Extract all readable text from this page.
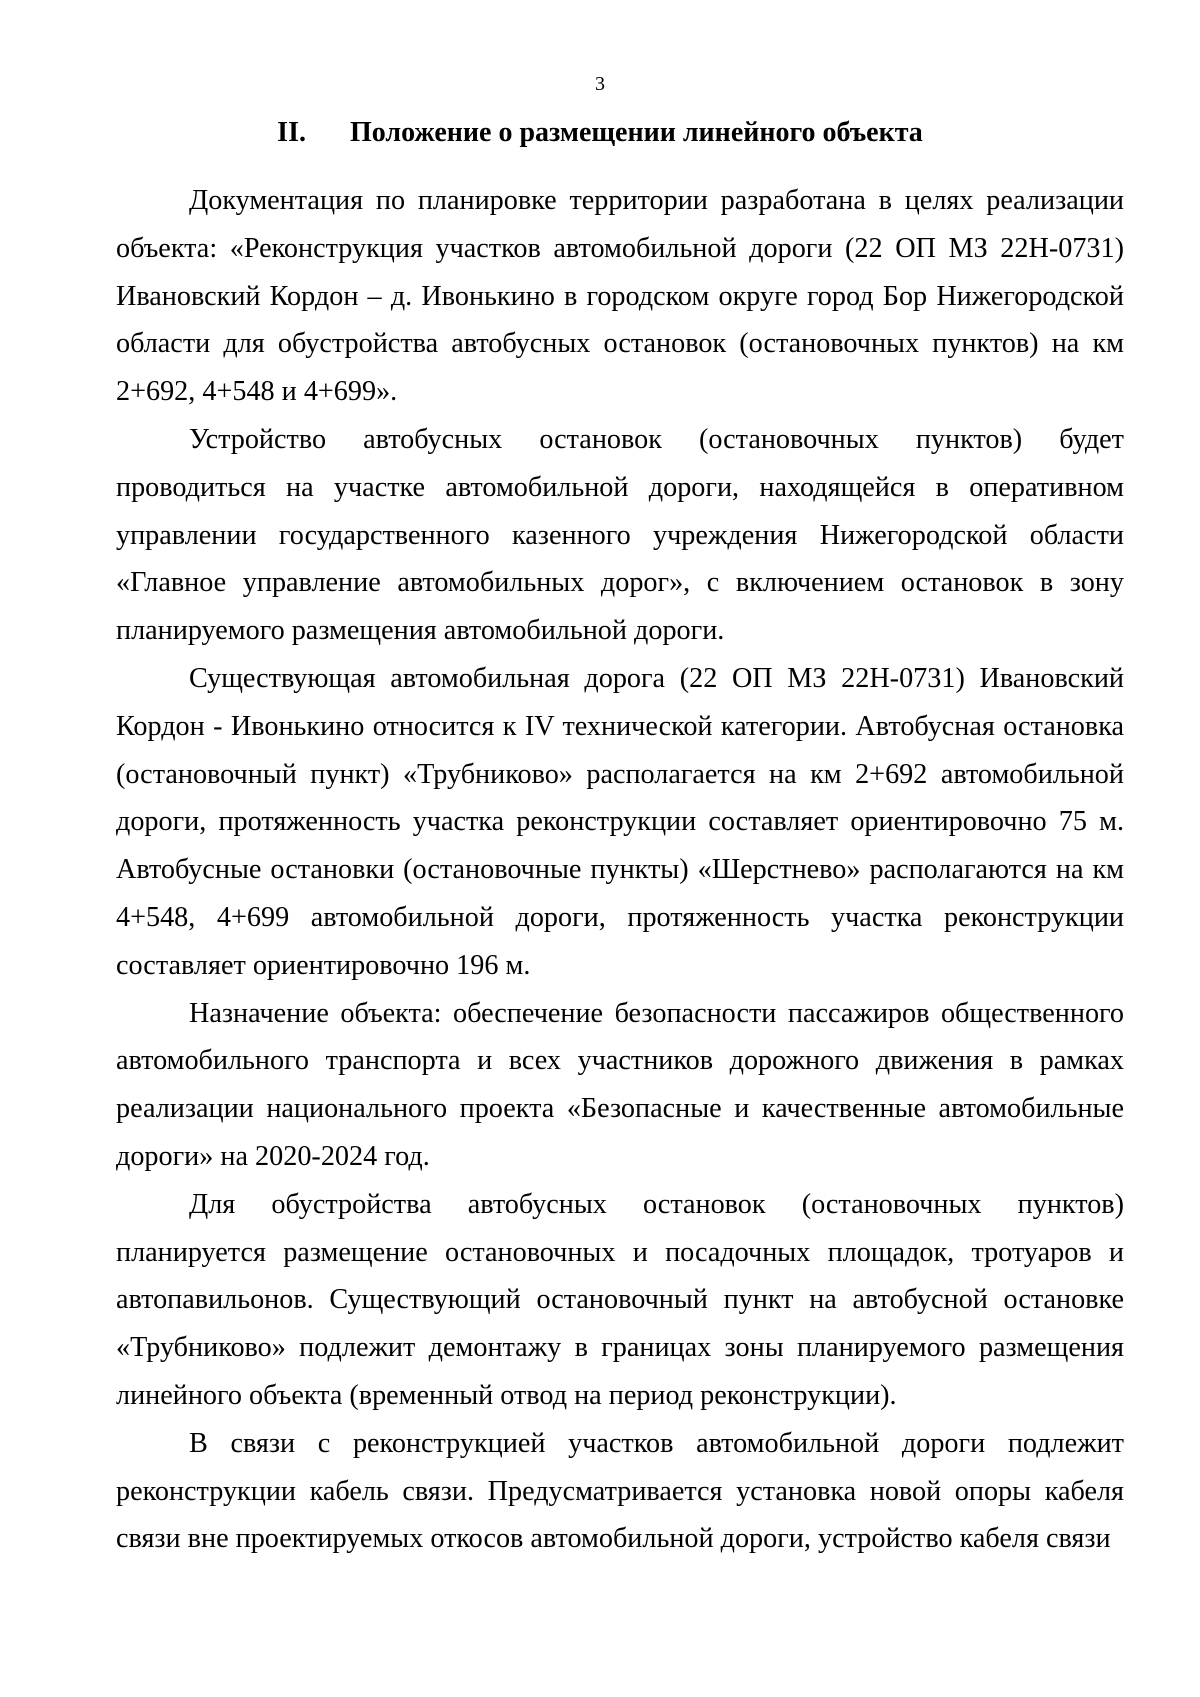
3
II. Положение о размещении линейного объекта

Документация по планировке территории разработана в целях реализации объекта: «Реконструкция участков автомобильной дороги (22 ОП МЗ 22Н-0731) Ивановский Кордон – д. Ивонькино в городском округе город Бор Нижегородской области для обустройства автобусных остановок (остановочных пунктов) на км 2+692, 4+548 и 4+699».

Устройство автобусных остановок (остановочных пунктов) будет проводиться на участке автомобильной дороги, находящейся в оперативном управлении государственного казенного учреждения Нижегородской области «Главное управление автомобильных дорог», с включением остановок в зону планируемого размещения автомобильной дороги.

Существующая автомобильная дорога (22 ОП МЗ 22Н-0731) Ивановский Кордон - Ивонькино относится к IV технической категории. Автобусная остановка (остановочный пункт) «Трубниково» располагается на км 2+692 автомобильной дороги, протяженность участка реконструкции составляет ориентировочно 75 м. Автобусные остановки (остановочные пункты) «Шерстнево» располагаются на км 4+548, 4+699 автомобильной дороги, протяженность участка реконструкции составляет ориентировочно 196 м.

Назначение объекта: обеспечение безопасности пассажиров общественного автомобильного транспорта и всех участников дорожного движения в рамках реализации национального проекта «Безопасные и качественные автомобильные дороги» на 2020-2024 год.

Для обустройства автобусных остановок (остановочных пунктов) планируется размещение остановочных и посадочных площадок, тротуаров и автопавильонов. Существующий остановочный пункт на автобусной остановке «Трубниково» подлежит демонтажу в границах зоны планируемого размещения линейного объекта (временный отвод на период реконструкции).

В связи с реконструкцией участков автомобильной дороги подлежит реконструкции кабель связи. Предусматривается установка новой опоры кабеля связи вне проектируемых откосов автомобильной дороги, устройство кабеля связи
